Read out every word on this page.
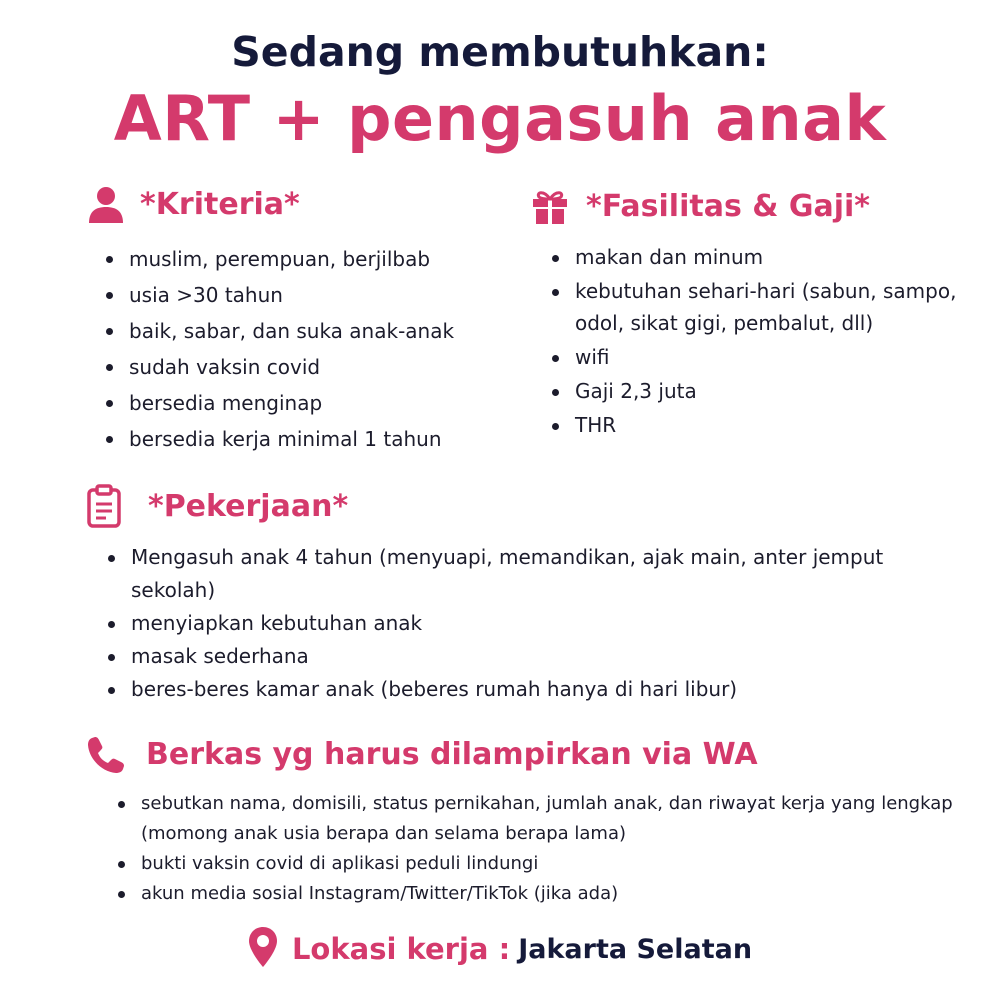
Sedang membutuhkan:
ART + pengasuh anak
*Kriteria*
muslim, perempuan, berjilbab
usia >30 tahun
baik, sabar, dan suka anak-anak
sudah vaksin covid
bersedia menginap
bersedia kerja minimal 1 tahun
*Fasilitas & Gaji*
makan dan minum
kebutuhan sehari-hari (sabun, sampo, odol, sikat gigi, pembalut, dll)
wifi
Gaji 2,3 juta
THR
*Pekerjaan*
Mengasuh anak 4 tahun (menyuapi, memandikan, ajak main, anter jemput sekolah)
menyiapkan kebutuhan anak
masak sederhana
beres-beres kamar anak (beberes rumah hanya di hari libur)
Berkas yg harus dilampirkan via WA
sebutkan nama, domisili, status pernikahan, jumlah anak, dan riwayat kerja yang lengkap (momong anak usia berapa dan selama berapa lama)
bukti vaksin covid di aplikasi peduli lindungi
akun media sosial Instagram/Twitter/TikTok (jika ada)
Lokasi kerja : Jakarta Selatan
